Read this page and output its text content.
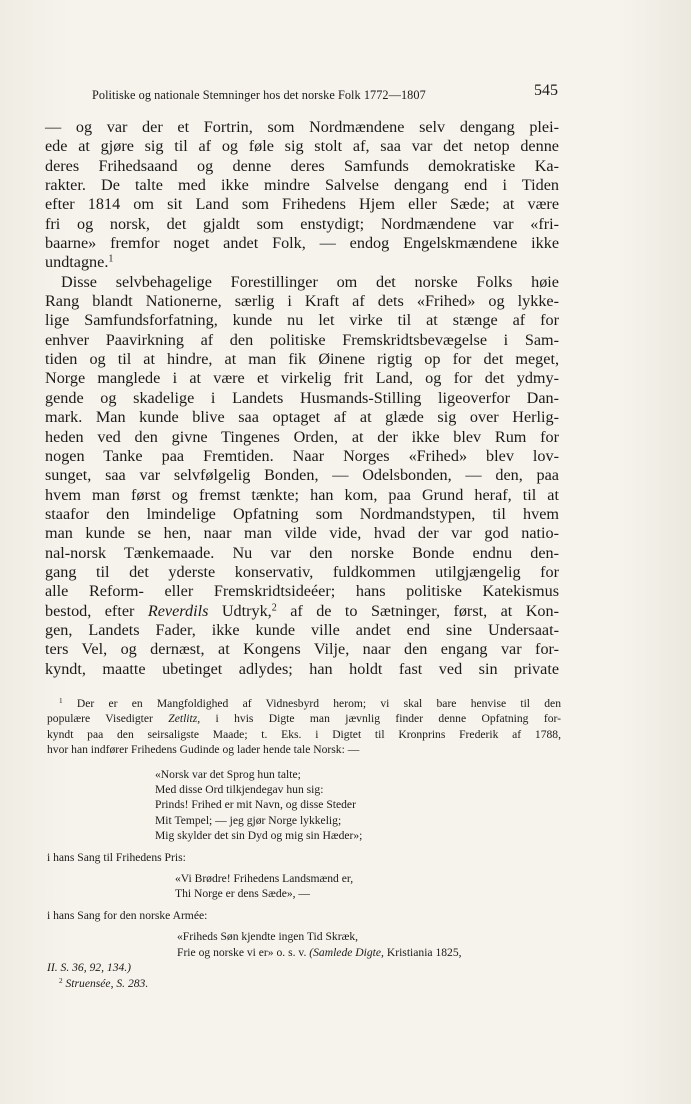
Politiske og nationale Stemninger hos det norske Folk 1772—1807	545
— og var der et Fortrin, som Nordmændene selv dengang plei-
ede at gjøre sig til af og føle sig stolt af, saa var det netop denne
deres Frihedsaand og denne deres Samfunds demokratiske Ka-
rakter. De talte med ikke mindre Salvelse dengang end i Tiden
efter 1814 om sit Land som Frihedens Hjem eller Sæde; at være
fri og norsk, det gjaldt som enstydigt; Nordmændene var «fri-
baarne» fremfor noget andet Folk, — endog Engelskmændene ikke
undtagne.$^1$
Disse selvbehagelige Forestillinger om det norske Folks høie
Rang blandt Nationerne, særlig i Kraft af dets «Frihed» og lykke-
lige Samfundsforfatning, kunde nu let virke til at stænge af for
enhver Paavirkning af den politiske Fremskridtsbevægelse i Sam-
tiden og til at hindre, at man fik Øinene rigtig op for det meget,
Norge manglede i at være et virkelig frit Land, og for det ydmy-
gende og skadelige i Landets Husmands-Stilling ligeoverfor Dan-
mark. Man kunde blive saa optaget af at glæde sig over Herlig-
heden ved den givne Tingenes Orden, at der ikke blev Rum for
nogen Tanke paa Fremtiden. Naar Norges «Frihed» blev lov-
sunget, saa var selvfølgelig Bonden, — Odelsbonden, — den, paa
hvem man først og fremst tænkte; han kom, paa Grund heraf, til at
staafor den lmindelige Opfatning som Nordmandstypen, til hvem
man kunde se hen, naar man vilde vide, hvad der var god natio-
nal-norsk Tænkemaade. Nu var den norske Bonde endnu den-
gang til det yderste konservativ, fuldkommen utilgjængelig for
alle Reform- eller Fremskridtsideéer; hans politiske Katekismus
bestod, efter Reverdils Udtryk,$^2$ af de to Sætninger, først, at Kon-
gen, Landets Fader, ikke kunde ville andet end sine Undersaat-
ters Vel, og dernæst, at Kongens Vilje, naar den engang var for-
kyndt, maatte ubetinget adlydes; han holdt fast ved sin private
$^1$ Der er en Mangfoldighed af Vidnesbyrd herom; vi skal bare henvise til den
populære Visedigter Zetlitz, i hvis Digte man jævnlig finder denne Opfatning for-
kyndt paa den seirsaligste Maade; t. Eks. i Digtet til Kronprins Frederik af 1788,
hvor han indfører Frihedens Gudinde og lader hende tale Norsk: —
«Norsk var det Sprog hun talte;
Med disse Ord tilkjendegav hun sig:
Prinds! Frihed er mit Navn, og disse Steder
Mit Tempel; — jeg gjør Norge lykkelig;
Mig skylder det sin Dyd og mig sin Hæder»;
i hans Sang til Frihedens Pris:
«Vi Brødre! Frihedens Landsmænd er,
Thi Norge er dens Sæde», —
i hans Sang for den norske Armée:
«Friheds Søn kjendte ingen Tid Skræk,
Frie og norske vi er» o. s. v. (Samlede Digte, Kristiania 1825,
II. S. 36, 92, 134.)
$^2$ Struensée, S. 283.
